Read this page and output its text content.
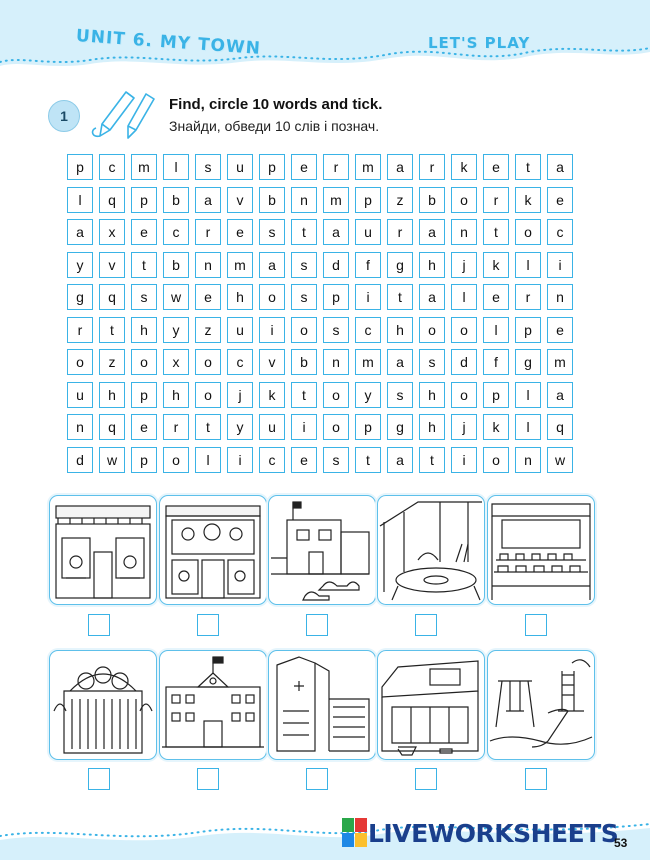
UNIT 6. MY TOWN	LET'S PLAY
1
Find, circle 10 words and tick.
Знайди, обведи 10 слів і познач.
p	c	m	l	s	u	p	e	r	m	a	r	k	e	t	a
l	q	p	b	a	v	b	n	m	p	z	b	o	r	k	e
a	x	e	c	r	e	s	t	a	u	r	a	n	t	o	c
y	v	t	b	n	m	a	s	d	f	g	h	j	k	l	i
g	q	s	w	e	h	o	s	p	i	t	a	l	e	r	n
r	t	h	y	z	u	i	o	s	c	h	o	o	l	p	e
o	z	o	x	o	c	v	b	n	m	a	s	d	f	g	m
u	h	p	h	o	j	k	t	o	y	s	h	o	p	l	a
n	q	e	r	t	y	u	i	o	p	g	h	j	k	l	q
d	w	p	o	l	i	c	e	s	t	a	t	i	o	n	w
LIVEWORKSHEETS
53
